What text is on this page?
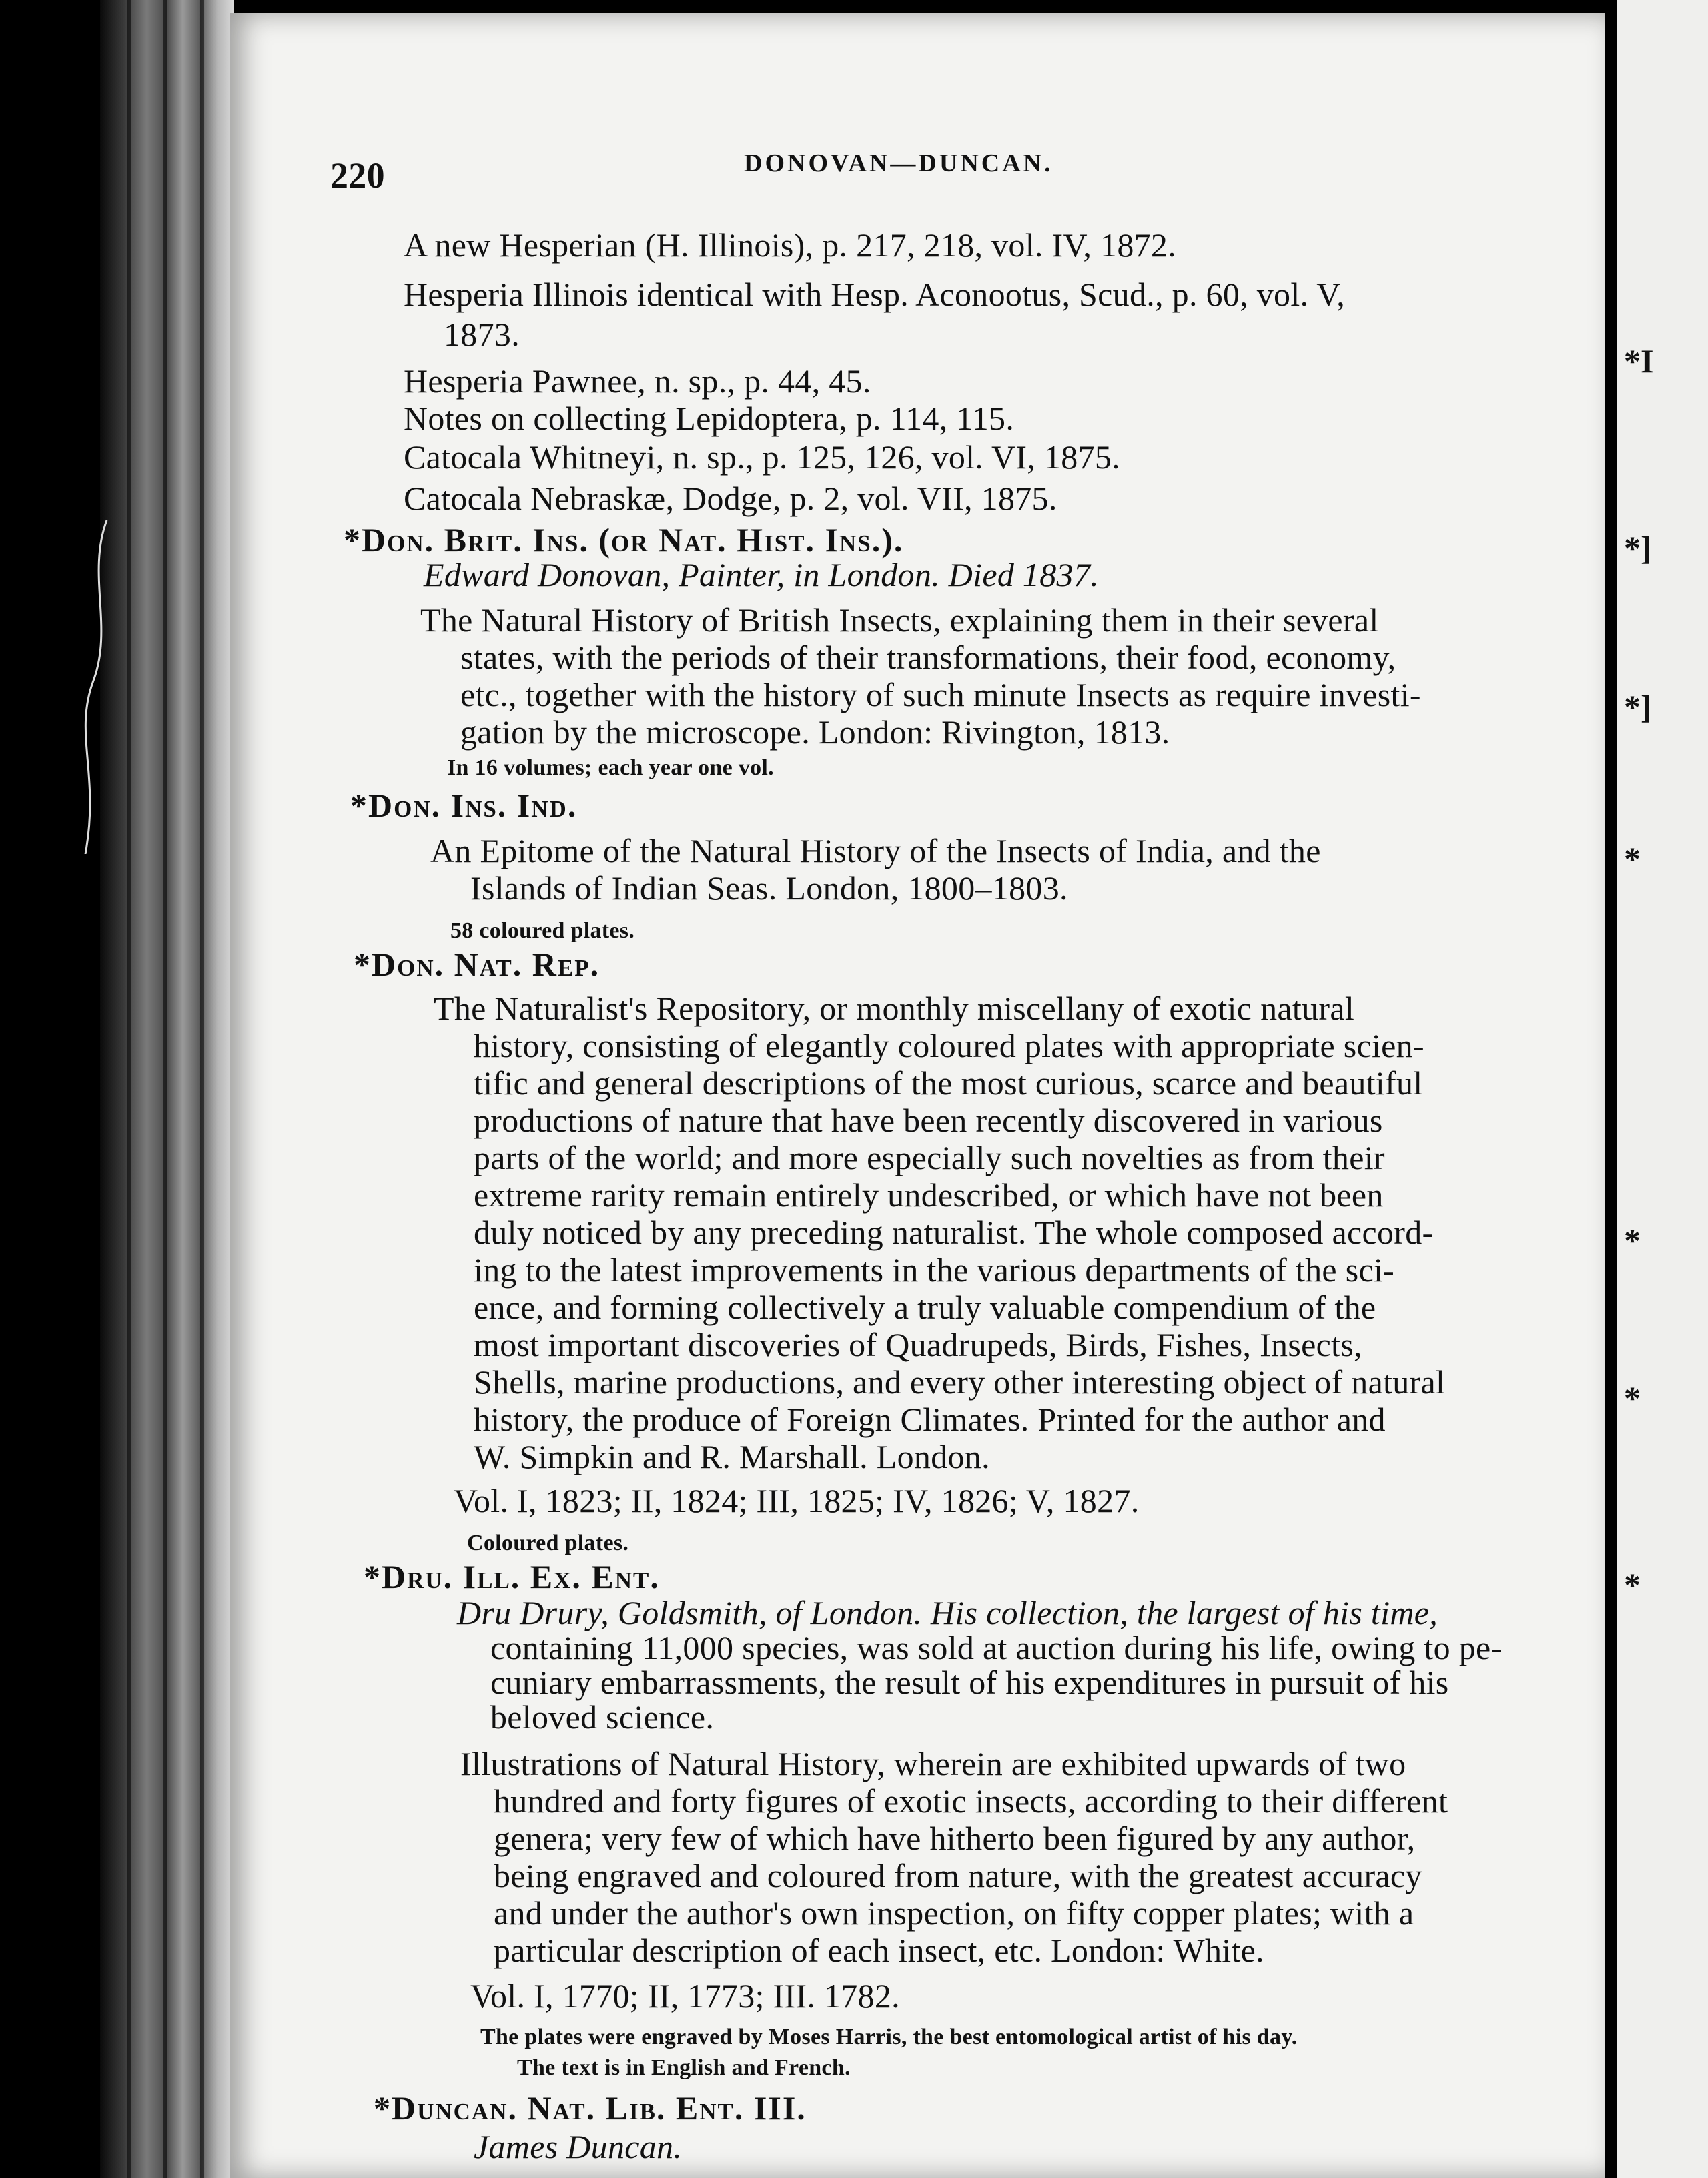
220	DONOVAN—DUNCAN.
A new Hesperian (H. Illinois), p. 217, 218, vol. IV, 1872.
Hesperia Illinois identical with Hesp. Aconootus, Scud., p. 60, vol. V,
1873.
Hesperia Pawnee, n. sp., p. 44, 45.
Notes on collecting Lepidoptera, p. 114, 115.
Catocala Whitneyi, n. sp., p. 125, 126, vol. VI, 1875.
Catocala Nebraskæ, Dodge, p. 2, vol. VII, 1875.
*Don. Brit. Ins. (or Nat. Hist. Ins.).
Edward Donovan, Painter, in London. Died 1837.
The Natural History of British Insects, explaining them in their several
states, with the periods of their transformations, their food, economy,
etc., together with the history of such minute Insects as require investi-
gation by the microscope. London: Rivington, 1813.
In 16 volumes; each year one vol.
*Don. Ins. Ind.
An Epitome of the Natural History of the Insects of India, and the
Islands of Indian Seas. London, 1800–1803.
58 coloured plates.
*Don. Nat. Rep.
The Naturalist's Repository, or monthly miscellany of exotic natural
history, consisting of elegantly coloured plates with appropriate scien-
tific and general descriptions of the most curious, scarce and beautiful
productions of nature that have been recently discovered in various
parts of the world; and more especially such novelties as from their
extreme rarity remain entirely undescribed, or which have not been
duly noticed by any preceding naturalist. The whole composed accord-
ing to the latest improvements in the various departments of the sci-
ence, and forming collectively a truly valuable compendium of the
most important discoveries of Quadrupeds, Birds, Fishes, Insects,
Shells, marine productions, and every other interesting object of natural
history, the produce of Foreign Climates. Printed for the author and
W. Simpkin and R. Marshall. London.
Vol. I, 1823; II, 1824; III, 1825; IV, 1826; V, 1827.
Coloured plates.
*Dru. Ill. Ex. Ent.
Dru Drury, Goldsmith, of London. His collection, the largest of his time,
containing 11,000 species, was sold at auction during his life, owing to pe-
cuniary embarrassments, the result of his expenditures in pursuit of his
beloved science.
Illustrations of Natural History, wherein are exhibited upwards of two
hundred and forty figures of exotic insects, according to their different
genera; very few of which have hitherto been figured by any author,
being engraved and coloured from nature, with the greatest accuracy
and under the author's own inspection, on fifty copper plates; with a
particular description of each insect, etc. London: White.
Vol. I, 1770; II, 1773; III. 1782.
The plates were engraved by Moses Harris, the best entomological artist of his day.
The text is in English and French.
*Duncan. Nat. Lib. Ent. III.
James Duncan.
*I
*]
*]
*
*
*
*
